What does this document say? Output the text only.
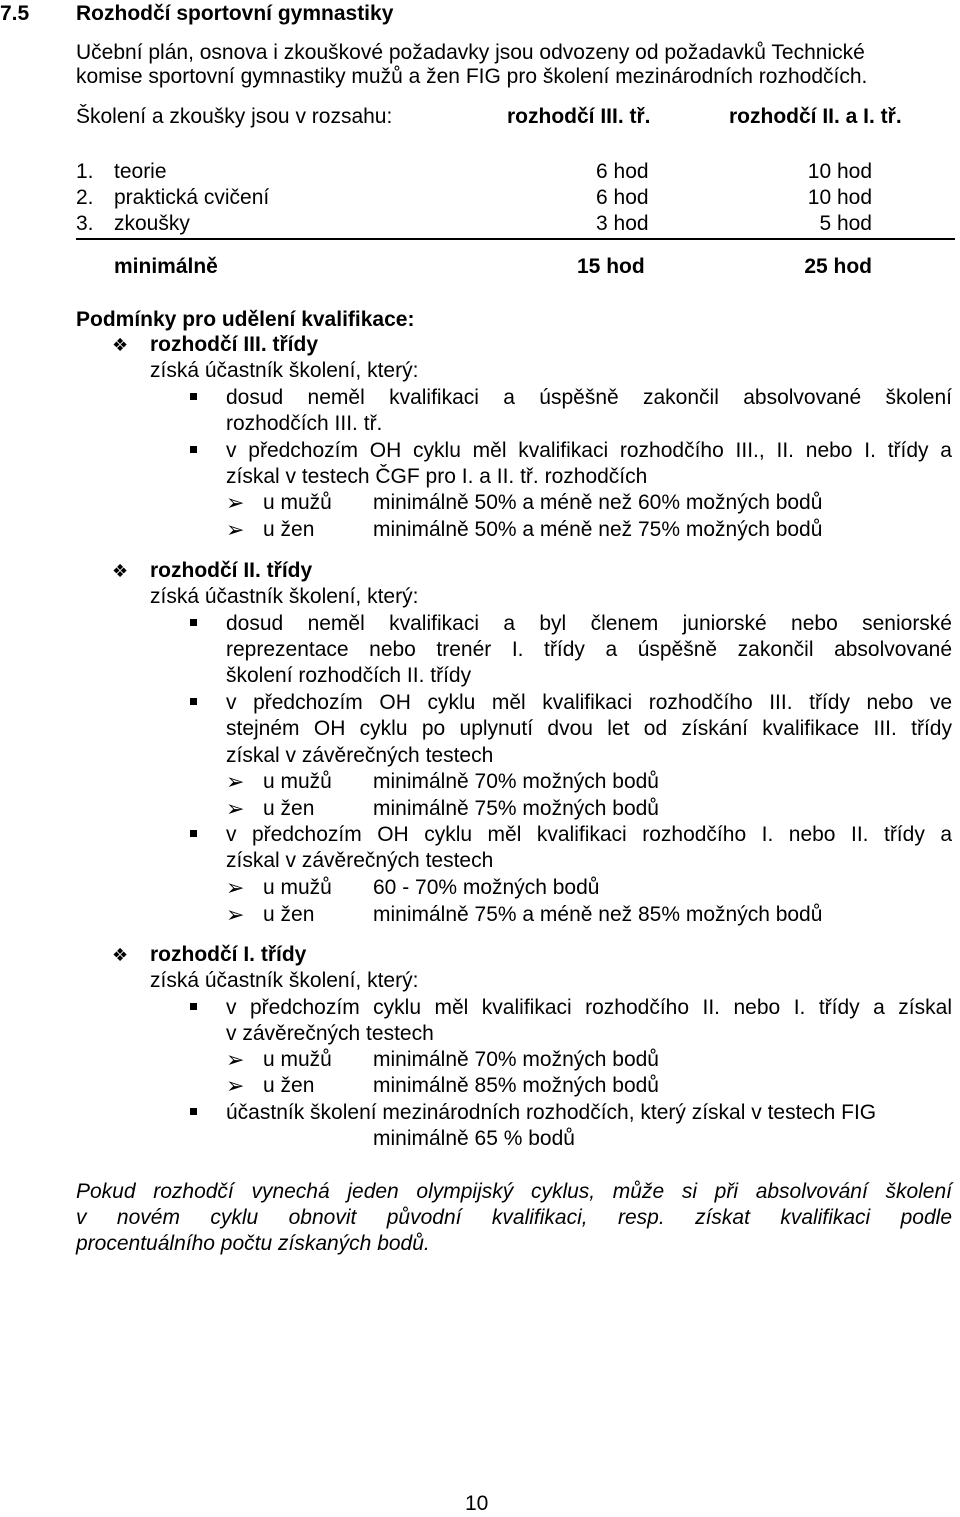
7.5 Rozhodčí sportovní gymnastiky
Učební plán, osnova i zkouškové požadavky jsou odvozeny od požadavků Technické
komise sportovní gymnastiky mužů a žen FIG pro školení mezinárodních rozhodčích.
Školení a zkoušky jsou v rozsahu:	rozhodčí III. tř.	rozhodčí II. a I. tř.
1. teorie	6 hod	10 hod
2. praktická cvičení	6 hod	10 hod
3. zkoušky	3 hod	5 hod
minimálně	15 hod	25 hod
Podmínky pro udělení kvalifikace:
❖ rozhodčí III. třídy
získá účastník školení, který:
dosud neměl kvalifikaci a úspěšně zakončil absolvované školení
rozhodčích III. tř.
v předchozím OH cyklu měl kvalifikaci rozhodčího III., II. nebo I. třídy a
získal v testech ČGF pro I. a II. tř. rozhodčích
➢ u mužů minimálně 50% a méně než 60% možných bodů
➢ u žen	minimálně 50% a méně než 75% možných bodů
❖ rozhodčí II. třídy
získá účastník školení, který:
dosud neměl kvalifikaci a byl členem juniorské nebo seniorské
reprezentace nebo trenér I. třídy a úspěšně zakončil absolvované
školení rozhodčích II. třídy
v předchozím OH cyklu měl kvalifikaci rozhodčího III. třídy nebo ve
stejném OH cyklu po uplynutí dvou let od získání kvalifikace III. třídy
získal v závěrečných testech
➢ u mužů minimálně 70% možných bodů
➢ u žen	minimálně 75% možných bodů
v předchozím OH cyklu měl kvalifikaci rozhodčího I. nebo II. třídy a
získal v závěrečných testech
➢ u mužů 60 - 70% možných bodů
➢ u žen	minimálně 75% a méně než 85% možných bodů
❖ rozhodčí I. třídy
získá účastník školení, který:
v předchozím cyklu měl kvalifikaci rozhodčího II. nebo I. třídy a získal
v závěrečných testech
➢ u mužů minimálně 70% možných bodů
➢ u žen	minimálně 85% možných bodů
účastník školení mezinárodních rozhodčích, který získal v testech FIG
minimálně 65 % bodů
Pokud rozhodčí vynechá jeden olympijský cyklus, může si při absolvování školení
v novém cyklu obnovit původní kvalifikaci, resp. získat kvalifikaci podle
procentuálního počtu získaných bodů.
10
